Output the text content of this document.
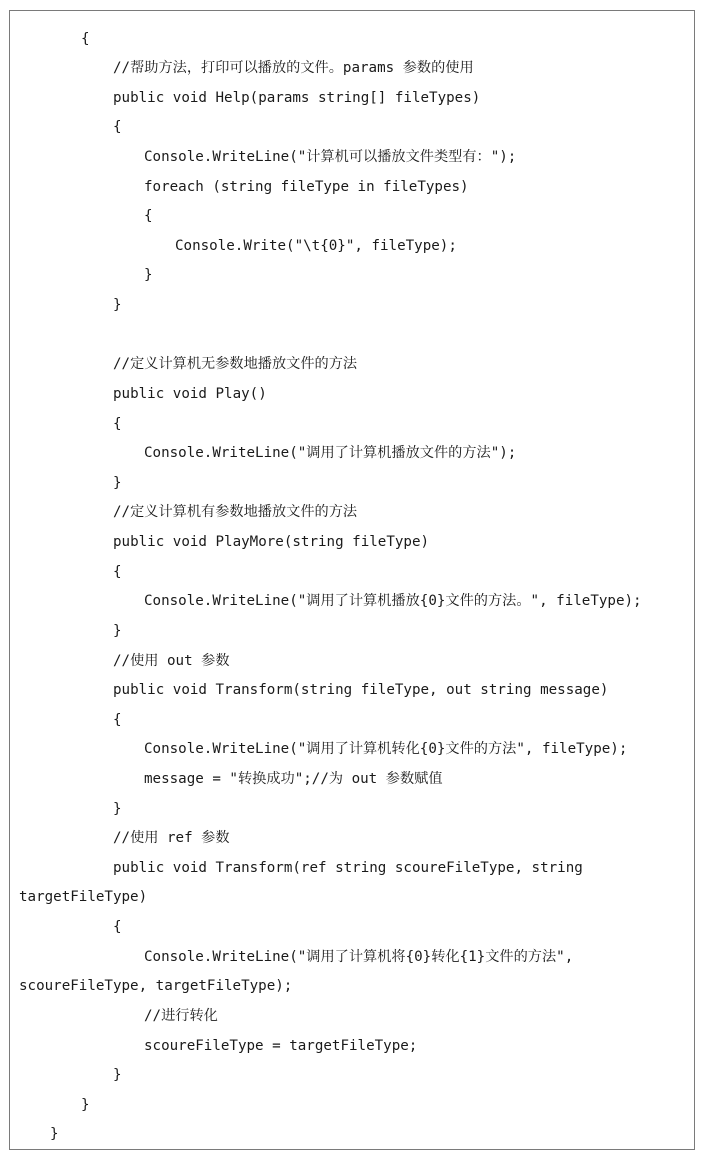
{
//帮助方法，打印可以播放的文件。params 参数的使用
public void Help(params string[] fileTypes)
{
Console.WriteLine("计算机可以播放文件类型有：");
foreach (string fileType in fileTypes)
{
Console.Write("\t{0}", fileType);
}
}
//定义计算机无参数地播放文件的方法
public void Play()
{
Console.WriteLine("调用了计算机播放文件的方法");
}
//定义计算机有参数地播放文件的方法
public void PlayMore(string fileType)
{
Console.WriteLine("调用了计算机播放{0}文件的方法。", fileType);
}
//使用 out 参数
public void Transform(string fileType, out string message)
{
Console.WriteLine("调用了计算机转化{0}文件的方法", fileType);
message = "转换成功";//为 out 参数赋值
}
//使用 ref 参数
public void Transform(ref string scoureFileType, string
targetFileType)
{
Console.WriteLine("调用了计算机将{0}转化{1}文件的方法",
scoureFileType, targetFileType);
//进行转化
scoureFileType = targetFileType;
}
}
}
